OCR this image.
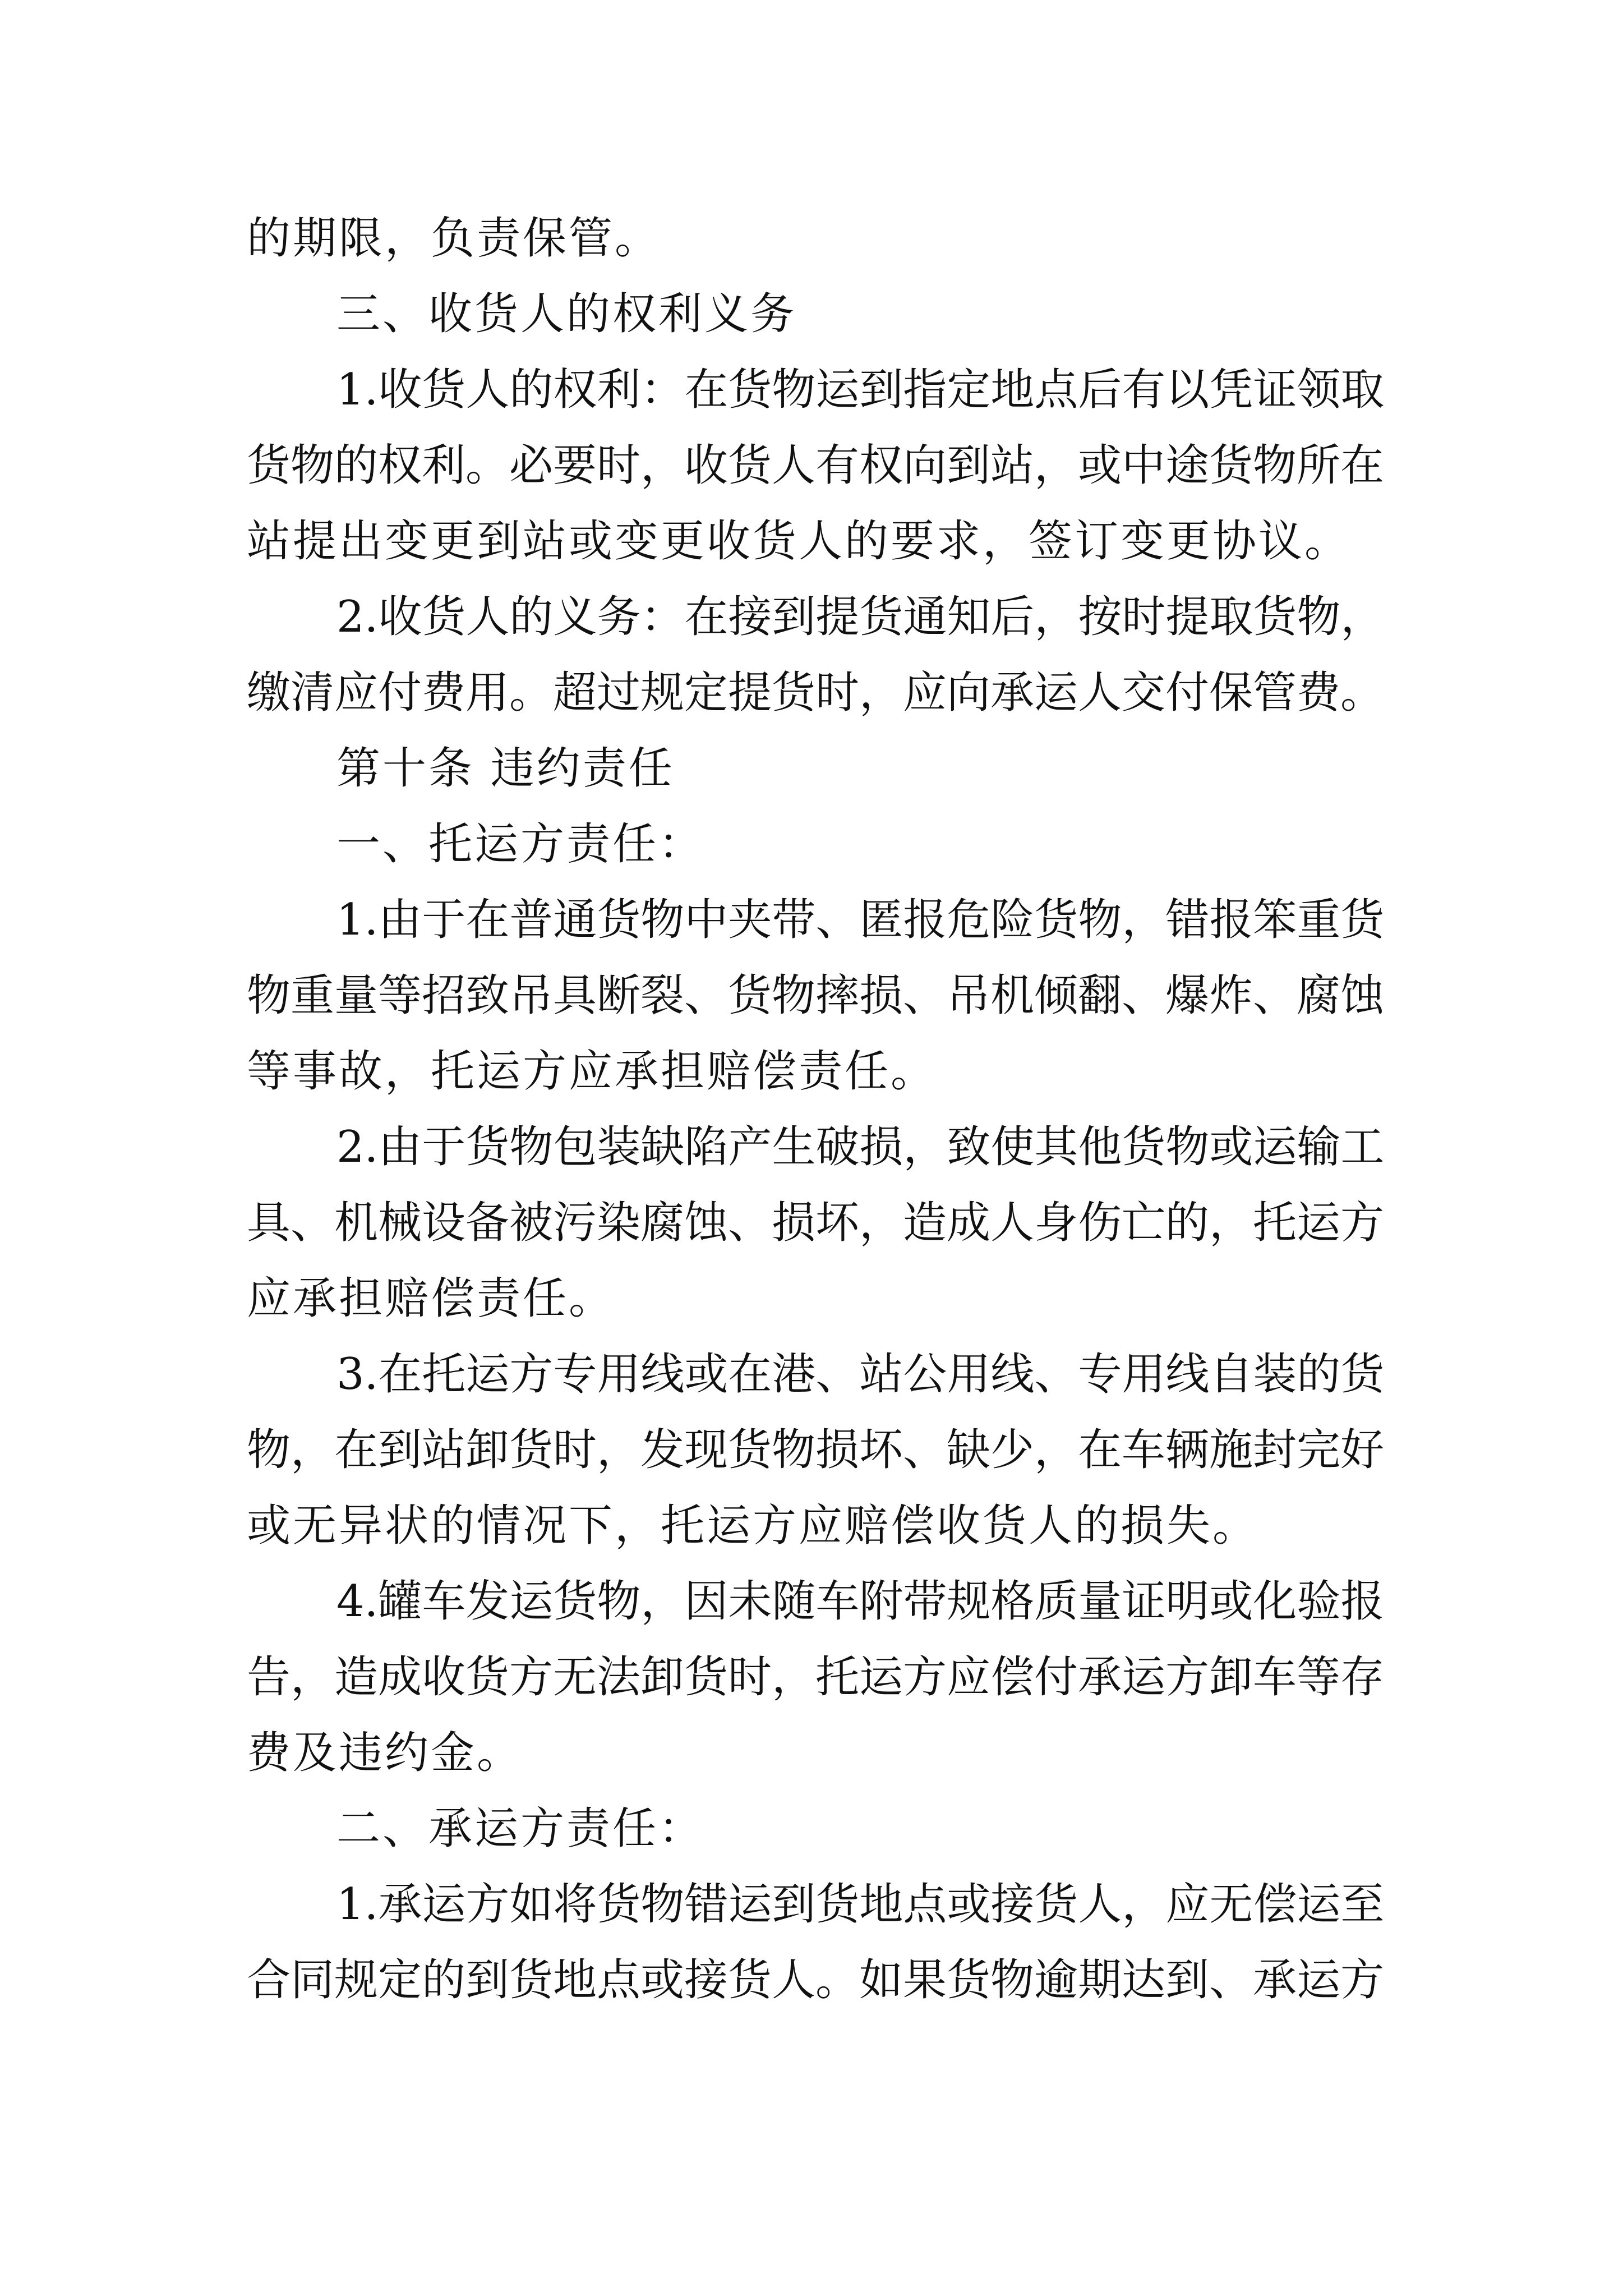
的期限，负责保管。
三、收货人的权利义务
1.收货人的权利：在货物运到指定地点后有以凭证领取
货物的权利。必要时，收货人有权向到站，或中途货物所在
站提出变更到站或变更收货人的要求，签订变更协议。
2.收货人的义务：在接到提货通知后，按时提取货物，
缴清应付费用。超过规定提货时，应向承运人交付保管费。
第十条 违约责任
一、托运方责任：
1.由于在普通货物中夹带、匿报危险货物，错报笨重货
物重量等招致吊具断裂、货物摔损、吊机倾翻、爆炸、腐蚀
等事故，托运方应承担赔偿责任。
2.由于货物包装缺陷产生破损，致使其他货物或运输工
具、机械设备被污染腐蚀、损坏，造成人身伤亡的，托运方
应承担赔偿责任。
3.在托运方专用线或在港、站公用线、专用线自装的货
物，在到站卸货时，发现货物损坏、缺少，在车辆施封完好
或无异状的情况下，托运方应赔偿收货人的损失。
4.罐车发运货物，因未随车附带规格质量证明或化验报
告，造成收货方无法卸货时，托运方应偿付承运方卸车等存
费及违约金。
二、承运方责任：
1.承运方如将货物错运到货地点或接货人，应无偿运至
合同规定的到货地点或接货人。如果货物逾期达到、承运方
